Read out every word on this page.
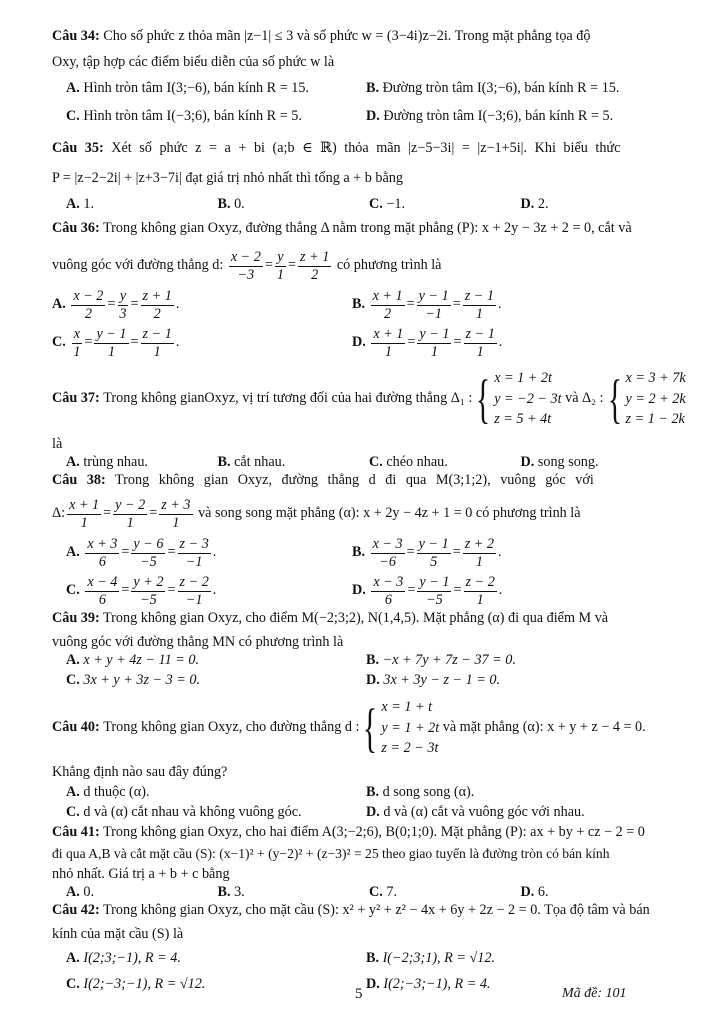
Câu 34: Cho số phức z thỏa mãn |z−1| ≤ 3 và số phức w = (3−4i)z−2i. Trong mặt phẳng tọa độ
Oxy, tập hợp các điểm biểu diễn của số phức w là
A. Hình tròn tâm I(3;−6), bán kính R = 15.	B. Đường tròn tâm I(3;−6), bán kính R = 15.
C. Hình tròn tâm I(−3;6), bán kính R = 5.	D. Đường tròn tâm I(−3;6), bán kính R = 5.
Câu 35: Xét số phức z = a + bi (a;b ∈ ℝ) thỏa mãn |z−5−3i| = |z−1+5i|. Khi biểu thức
P = |z−2−2i| + |z+3−7i| đạt giá trị nhỏ nhất thì tổng a + b bằng
A. 1.	B. 0.	C. −1.	D. 2.
Câu 36: Trong không gian Oxyz, đường thẳng Δ nằm trong mặt phẳng (P): x + 2y − 3z + 2 = 0, cắt và
vuông góc với đường thẳng d:
$\frac{x - 2}{-3} = \frac{y}{1} = \frac{z + 1}{2}$
có phương trình là
A.
$\frac{x - 2}{2} = \frac{y}{3} = \frac{z + 1}{2}$ .	B.
$\frac{x + 1}{2} = \frac{y - 1}{-1} = \frac{z - 1}{1}$ .
C.
$\frac{x}{1} = \frac{y - 1}{1} = \frac{z - 1}{1}$ .	D.
$\frac{x + 1}{1} = \frac{y - 1}{1} = \frac{z - 1}{1}$ .
Câu 37:
Trong không gianOxyz, vị trí tương đối của hai đường thẳng Δ₁ : { x = 1 + 2t
y = −2 − 3t
z = 5 + 4t

và Δ₂ : { x = 3 + 7k
y = 2 + 2k
z = 1 − 2k
là
A. trùng nhau.	B. cắt nhau.	C. chéo nhau.	D. song song.
Câu 38: Trong không gian Oxyz, đường thẳng d đi qua M(3;1;2), vuông góc với
Δ: $\frac{x + 1}{1} = \frac{y - 2}{1} = \frac{z + 3}{1}$
và song song mặt phẳng (α): x + 2y − 4z + 1 = 0 có phương trình là
A.
$\frac{x + 3}{6} = \frac{y - 6}{-5} = \frac{z - 3}{-1}$ .	B.
$\frac{x - 3}{-6} = \frac{y - 1}{5} = \frac{z + 2}{1}$ .
C.
$\frac{x - 4}{6} = \frac{y + 2}{-5} = \frac{z - 2}{-1}$ .	D.
$\frac{x - 3}{6} = \frac{y - 1}{-5} = \frac{z - 2}{1}$ .
Câu 39: Trong không gian Oxyz, cho điểm M(−2;3;2), N(1,4,5). Mặt phẳng (α) đi qua điểm M và
vuông góc với đường thẳng MN có phương trình là
A. x + y + 4z − 11 = 0.	B. −x + 7y + 7z − 37 = 0.
C. 3x + y + 3z − 3 = 0.	D. 3x + 3y − z − 1 = 0.
Câu 40:
Trong không gian Oxyz, cho đường thẳng d : { x = 1 + t
y = 1 + 2t
z = 2 − 3t

và mặt phẳng (α): x + y + z − 4 = 0.
Khẳng định nào sau đây đúng?
A. d thuộc (α).	B. d song song (α).
C. d và (α) cắt nhau và không vuông góc.	D. d và (α) cắt và vuông góc với nhau.
Câu 41: Trong không gian Oxyz, cho hai điểm A(3;−2;6), B(0;1;0). Mặt phẳng (P): ax + by + cz − 2 = 0
đi qua A,B và cắt mặt cầu (S): (x−1)² + (y−2)² + (z−3)² = 25 theo giao tuyến là đường tròn có bán kính
nhỏ nhất. Giá trị a + b + c bằng
A. 0.	B. 3.	C. 7.	D. 6.
Câu 42: Trong không gian Oxyz, cho mặt cầu (S): x² + y² + z² − 4x + 6y + 2z − 2 = 0. Tọa độ tâm và bán
kính của mặt cầu (S) là
A. I(2;3;−1), R = 4.	B. I(−2;3;1), R = √12.
C. I(2;−3;−1), R = √12.	D. I(2;−3;−1), R = 4.
5	Mã đề: 101
